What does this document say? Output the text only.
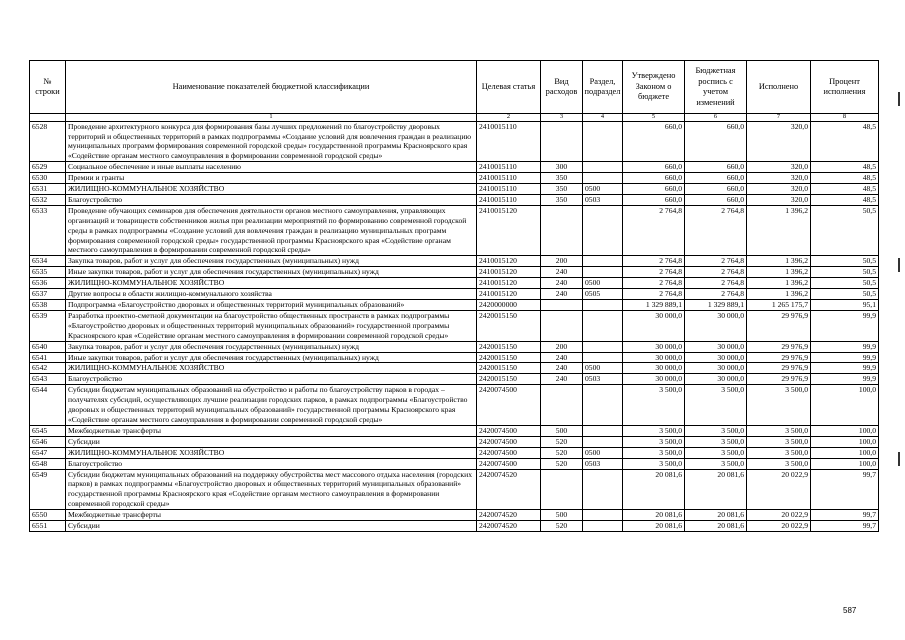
№ строки	Наименование показателей бюджетной классификации	Целевая статья	Вид расходов	Раздел, подраздел	Утверждено Законом о бюджете	Бюджетная роспись с учетом изменений	Исполнено	Процент исполнения
	1	2	3	4	5	6	7	8
6528	Проведение архитектурного конкурса для формирования базы лучших предложений по благоустройству дворовых территорий и общественных территорий в рамках подпрограммы «Создание условий для вовлечения граждан в реализацию муниципальных программ формирования современной городской среды» государственной программы Красноярского края «Содействие органам местного самоуправления в формировании современной городской среды»	2410015110			660,0	660,0	320,0	48,5
6529	Социальное обеспечение и иные выплаты населению	2410015110	300		660,0	660,0	320,0	48,5
6530	Премии и гранты	2410015110	350		660,0	660,0	320,0	48,5
6531	ЖИЛИЩНО-КОММУНАЛЬНОЕ ХОЗЯЙСТВО	2410015110	350	0500	660,0	660,0	320,0	48,5
6532	Благоустройство	2410015110	350	0503	660,0	660,0	320,0	48,5
6533	Проведение обучающих семинаров для обеспечения деятельности органов местного самоуправления, управляющих организаций и товариществ собственников жилья при реализации мероприятий по формированию современной городской среды в рамках подпрограммы «Создание условий для вовлечения граждан в реализацию муниципальных программ формирования современной городской среды» государственной программы Красноярского края «Содействие органам местного самоуправления в формировании современной городской среды»	2410015120			2 764,8	2 764,8	1 396,2	50,5
6534	Закупка товаров, работ и услуг для обеспечения государственных (муниципальных) нужд	2410015120	200		2 764,8	2 764,8	1 396,2	50,5
6535	Иные закупки товаров, работ и услуг для обеспечения государственных (муниципальных) нужд	2410015120	240		2 764,8	2 764,8	1 396,2	50,5
6536	ЖИЛИЩНО-КОММУНАЛЬНОЕ ХОЗЯЙСТВО	2410015120	240	0500	2 764,8	2 764,8	1 396,2	50,5
6537	Другие вопросы в области жилищно-коммунального хозяйства	2410015120	240	0505	2 764,8	2 764,8	1 396,2	50,5
6538	Подпрограмма «Благоустройство дворовых и общественных территорий муниципальных образований»	2420000000			1 329 889,1	1 329 889,1	1 265 175,7	95,1
6539	Разработка проектно-сметной документации на благоустройство общественных пространств в рамках подпрограммы «Благоустройство дворовых и общественных территорий муниципальных образований» государственной программы Красноярского края «Содействие органам местного самоуправления в формировании современной городской среды»	2420015150			30 000,0	30 000,0	29 976,9	99,9
6540	Закупка товаров, работ и услуг для обеспечения государственных (муниципальных) нужд	2420015150	200		30 000,0	30 000,0	29 976,9	99,9
6541	Иные закупки товаров, работ и услуг для обеспечения государственных (муниципальных) нужд	2420015150	240		30 000,0	30 000,0	29 976,9	99,9
6542	ЖИЛИЩНО-КОММУНАЛЬНОЕ ХОЗЯЙСТВО	2420015150	240	0500	30 000,0	30 000,0	29 976,9	99,9
6543	Благоустройство	2420015150	240	0503	30 000,0	30 000,0	29 976,9	99,9
6544	Субсидии бюджетам муниципальных образований на обустройство и работы по благоустройству парков в городах – получателях субсидий, осуществляющих лучшие реализации городских парков, в рамках подпрограммы «Благоустройство дворовых и общественных территорий муниципальных образований» государственной программы Красноярского края «Содействие органам местного самоуправления в формировании современной городской среды»	2420074500			3 500,0	3 500,0	3 500,0	100,0
6545	Межбюджетные трансферты	2420074500	500		3 500,0	3 500,0	3 500,0	100,0
6546	Субсидии	2420074500	520		3 500,0	3 500,0	3 500,0	100,0
6547	ЖИЛИЩНО-КОММУНАЛЬНОЕ ХОЗЯЙСТВО	2420074500	520	0500	3 500,0	3 500,0	3 500,0	100,0
6548	Благоустройство	2420074500	520	0503	3 500,0	3 500,0	3 500,0	100,0
6549	Субсидии бюджетам муниципальных образований на поддержку обустройства мест массового отдыха населения (городских парков) в рамках подпрограммы «Благоустройство дворовых и общественных территорий муниципальных образований» государственной программы Красноярского края «Содействие органам местного самоуправления в формировании современной городской среды»	2420074520			20 081,6	20 081,6	20 022,9	99,7
6550	Межбюджетные трансферты	2420074520	500		20 081,6	20 081,6	20 022,9	99,7
6551	Субсидии	2420074520	520		20 081,6	20 081,6	20 022,9	99,7
587
